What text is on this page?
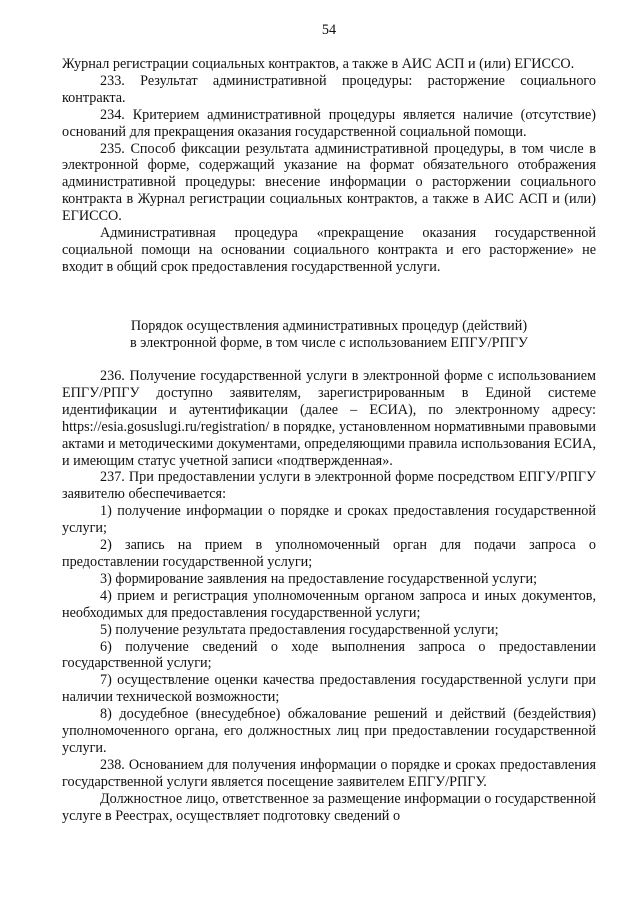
54

Журнал регистрации социальных контрактов, а также в АИС АСП и (или) ЕГИССО.

233. Результат административной процедуры: расторжение социального контракта.

234. Критерием административной процедуры является наличие (отсутствие) оснований для прекращения оказания государственной социальной помощи.

235. Способ фиксации результата административной процедуры, в том числе в электронной форме, содержащий указание на формат обязательного отображения административной процедуры: внесение информации о расторжении социального контракта в Журнал регистрации социальных контрактов, а также в АИС АСП и (или) ЕГИССО.

Административная процедура «прекращение оказания государственной социальной помощи на основании социального контракта и его расторжение» не входит в общий срок предоставления государственной услуги.

Порядок осуществления административных процедур (действий)
в электронной форме, в том числе с использованием ЕПГУ/РПГУ

236. Получение государственной услуги в электронной форме с использованием ЕПГУ/РПГУ доступно заявителям, зарегистрированным в Единой системе идентификации и аутентификации (далее – ЕСИА), по электронному адресу: https://esia.gosuslugi.ru/registration/ в порядке, установленном нормативными правовыми актами и методическими документами, определяющими правила использования ЕСИА, и имеющим статус учетной записи «подтвержденная».

237. При предоставлении услуги в электронной форме посредством ЕПГУ/РПГУ заявителю обеспечивается:

1) получение информации о порядке и сроках предоставления государственной услуги;

2) запись на прием в уполномоченный орган для подачи запроса о предоставлении государственной услуги;

3) формирование заявления на предоставление государственной услуги;

4) прием и регистрация уполномоченным органом запроса и иных документов, необходимых для предоставления государственной услуги;

5) получение результата предоставления государственной услуги;

6) получение сведений о ходе выполнения запроса о предоставлении государственной услуги;

7) осуществление оценки качества предоставления государственной услуги при наличии технической возможности;

8) досудебное (внесудебное) обжалование решений и действий (бездействия) уполномоченного органа, его должностных лиц при предоставлении государственной услуги.

238. Основанием для получения информации о порядке и сроках предоставления государственной услуги является посещение заявителем ЕПГУ/РПГУ.

Должностное лицо, ответственное за размещение информации о государственной услуге в Реестрах, осуществляет подготовку сведений о
